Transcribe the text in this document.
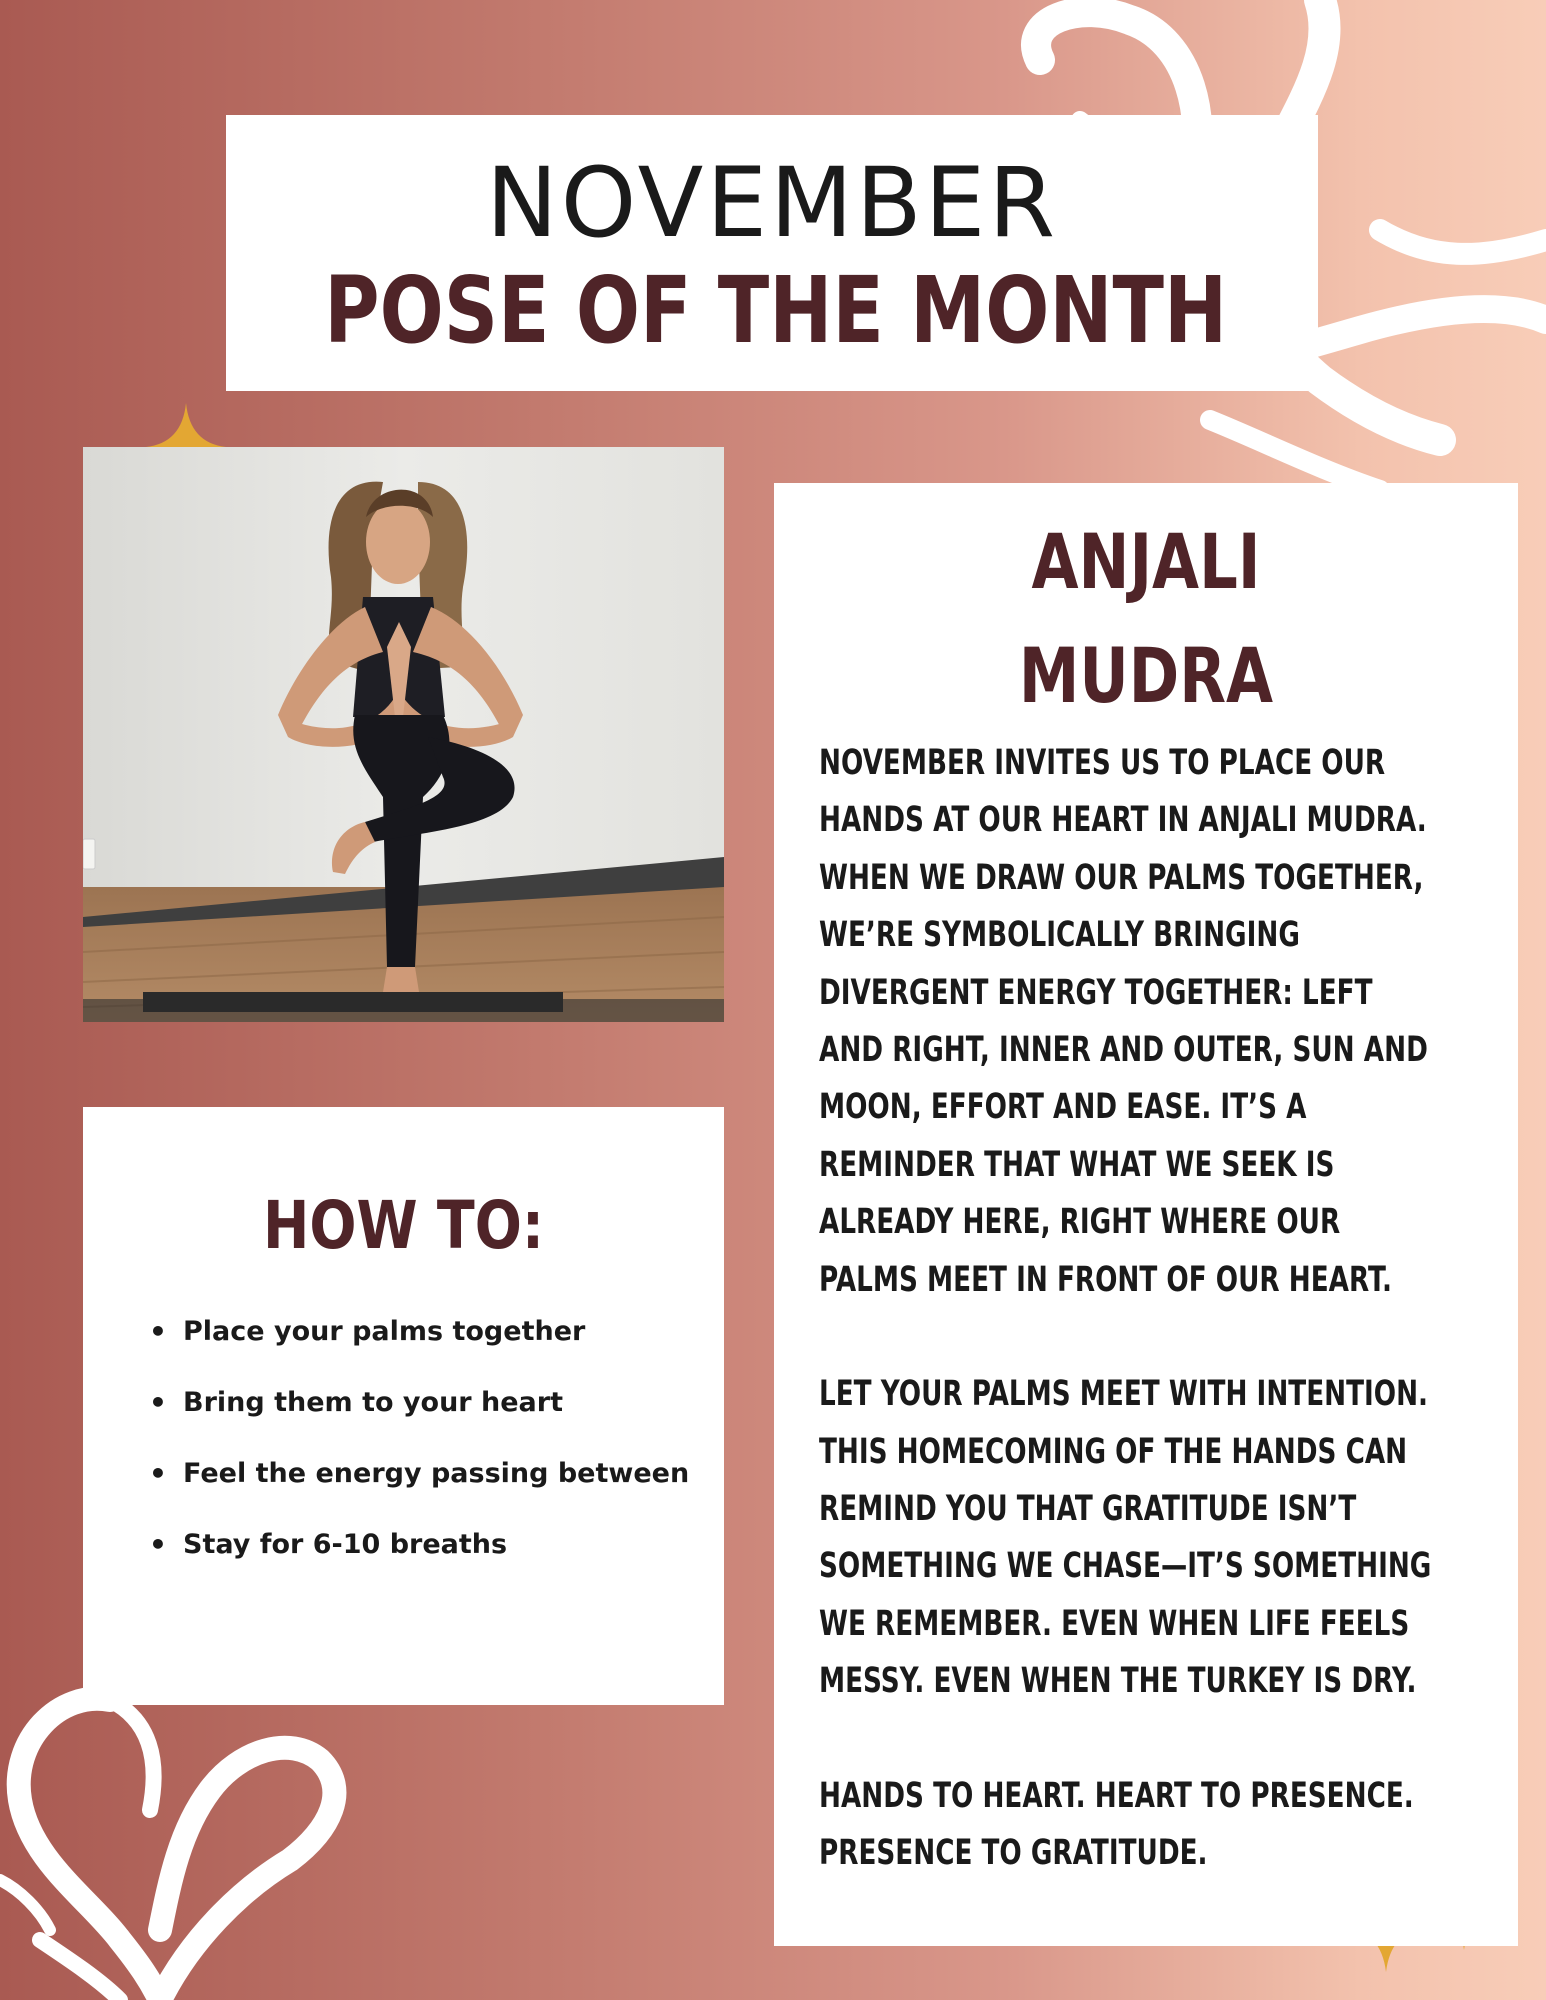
NOVEMBER
POSE OF THE MONTH
HOW TO:
• Place your palms together
• Bring them to your heart
• Feel the energy passing between
• Stay for 6-10 breaths
ANJALI
MUDRA
NOVEMBER INVITES US TO PLACE OUR
HANDS AT OUR HEART IN ANJALI MUDRA.
WHEN WE DRAW OUR PALMS TOGETHER,
WE’RE SYMBOLICALLY BRINGING
DIVERGENT ENERGY TOGETHER: LEFT
AND RIGHT, INNER AND OUTER, SUN AND
MOON, EFFORT AND EASE. IT’S A
REMINDER THAT WHAT WE SEEK IS
ALREADY HERE, RIGHT WHERE OUR
PALMS MEET IN FRONT OF OUR HEART.
LET YOUR PALMS MEET WITH INTENTION.
THIS HOMECOMING OF THE HANDS CAN
REMIND YOU THAT GRATITUDE ISN’T
SOMETHING WE CHASE—IT’S SOMETHING
WE REMEMBER. EVEN WHEN LIFE FEELS
MESSY. EVEN WHEN THE TURKEY IS DRY.
HANDS TO HEART. HEART TO PRESENCE.
PRESENCE TO GRATITUDE.
